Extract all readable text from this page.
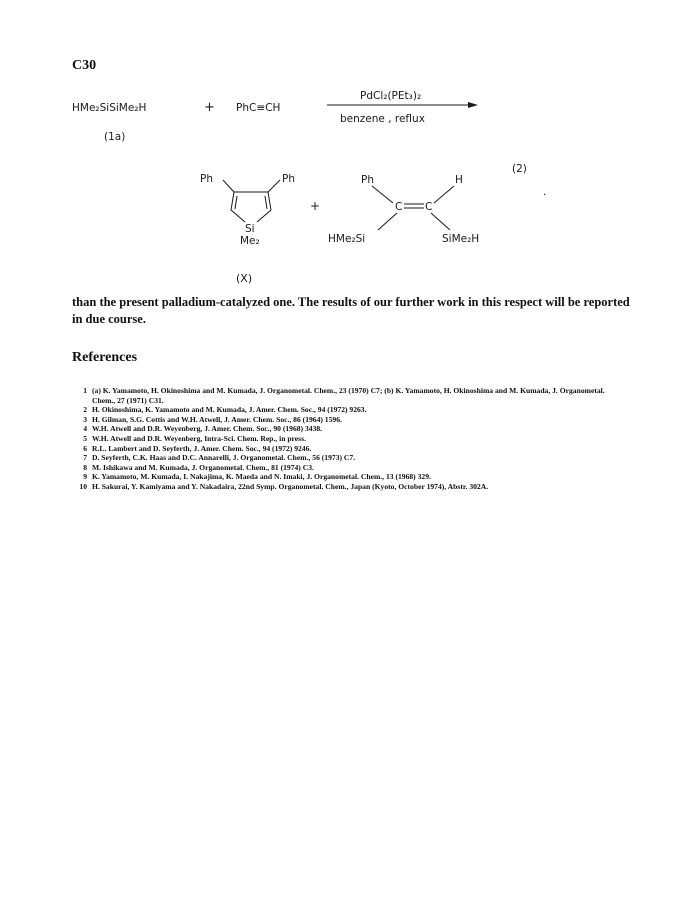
C30
HMe₂SiSiMe₂H
(1a)
+ PhC≡CH
PdCl₂(PEt₃)₂
benzene , reflux
(2)
.
Ph	Ph
Si
Me₂
(X)
+
Ph	H
C C
HMe₂Si	SiMe₂H
than the present palladium-catalyzed one. The results of our further work in this respect will be reported in due course.
References
1 (a) K. Yamamoto, H. Okinoshima and M. Kumada, J. Organometal. Chem., 23 (1970) C7; (b) K. Yamamoto, H. Okinoshima and M. Kumada, J. Organometal. Chem., 27 (1971) C31.
2 H. Okinoshima, K. Yamamoto and M. Kumada, J. Amer. Chem. Soc., 94 (1972) 9263.
3 H. Gilman, S.G. Cottis and W.H. Atwell, J. Amer. Chem. Soc., 86 (1964) 1596.
4 W.H. Atwell and D.R. Weyenberg, J. Amer. Chem. Soc., 90 (1968) 3438.
5 W.H. Atwell and D.R. Weyenberg, Intra-Sci. Chem. Rep., in press.
6 R.L. Lambert and D. Seyferth, J. Amer. Chem. Soc., 94 (1972) 9246.
7 D. Seyferth, C.K. Haas and D.C. Annarelli, J. Organometal. Chem., 56 (1973) C7.
8 M. Ishikawa and M. Kumada, J. Organometal. Chem., 81 (1974) C3.
9 K. Yamamoto, M. Kumada, I. Nakajima, K. Maeda and N. Imaki, J. Organometal. Chem., 13 (1968) 329.
10 H. Sakurai, Y. Kamiyama and Y. Nakadaira, 22nd Symp. Organometal. Chem., Japan (Kyoto, October 1974), Abstr. 302A.
